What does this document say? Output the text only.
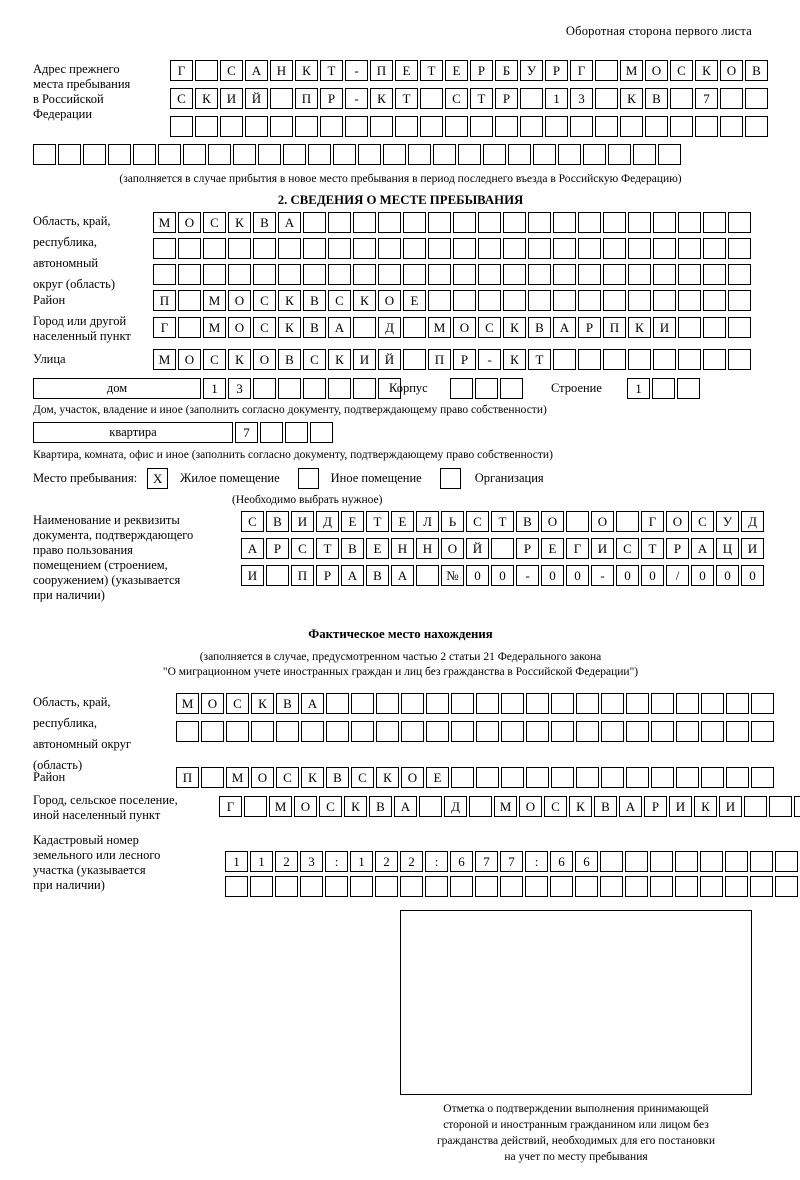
Оборотная сторона первого листа
Адрес прежнего
места пребывания
в Российской
Федерации
Г	С	А	Н	К	Т	-	П	Е	Т	Е	Р	Б	У	Р	Г	М	О	С	К	О	В
С	К	И	Й	П	Р	-	К	Т	С	Т	Р	1	3	К	В	7
(заполняется в случае прибытия в новое место пребывания в период последнего въезда в Российскую Федерацию)
2. СВЕДЕНИЯ О МЕСТЕ ПРЕБЫВАНИЯ
Область, край,
республика,
автономный
округ (область)
М	О	С	К	В	А
Район	П	М	О	С	К	В	С	К	О	Е
Город или другой
населенный пункт
Г	М	О	С	К	В	А	Д	М	О	С	К	В	А	Р	П	К	И
Улица	М	О	С	К	О	В	С	К	И	Й	П	Р	-	К	Т
дом	1	3	Корпус	Строение	1
Дом, участок, владение и иное (заполнить согласно документу, подтверждающему право собственности)
квартира	7
Квартира, комната, офис и иное (заполнить согласно документу, подтверждающему право собственности)
Место пребывания: X Жилое помещение	Иное помещение	Организация
(Необходимо выбрать нужное)
Наименование и реквизиты
документа, подтверждающего
право пользования
помещением (строением,
сооружением) (указывается
при наличии)
С	В	И	Д	Е	Т	Е	Л	Ь	С	Т	В	О	О	Г	О	С	У	Д
А	Р	С	Т	В	Е	Н	Н	О	Й	Р	Е	Г	И	С	Т	Р	А	Ц	И
И	П	Р	А	В	А	№	0	0	-	0	0	-	0	0	/	0	0	0
Фактическое место нахождения
(заполняется в случае, предусмотренном частью 2 статьи 21 Федерального закона
"О миграционном учете иностранных граждан и лиц без гражданства в Российской Федерации")
Область, край,
республика,
автономный округ
(область)
М	О	С	К	В	А
Район	П	М	О	С	К	В	С	К	О	Е
Город, сельское поселение,
иной населенный пункт
Г	М	О	С	К	В	А	Д	М	О	С	К	В	А	Р	И	К	И
Кадастровый номер
земельного или лесного
участка (указывается
при наличии)
1	1	2	3	:	1	2	2	:	6	7	7	:	6	6
Отметка о подтверждении выполнения принимающей
стороной и иностранным гражданином или лицом без
гражданства действий, необходимых для его постановки
на учет по месту пребывания
